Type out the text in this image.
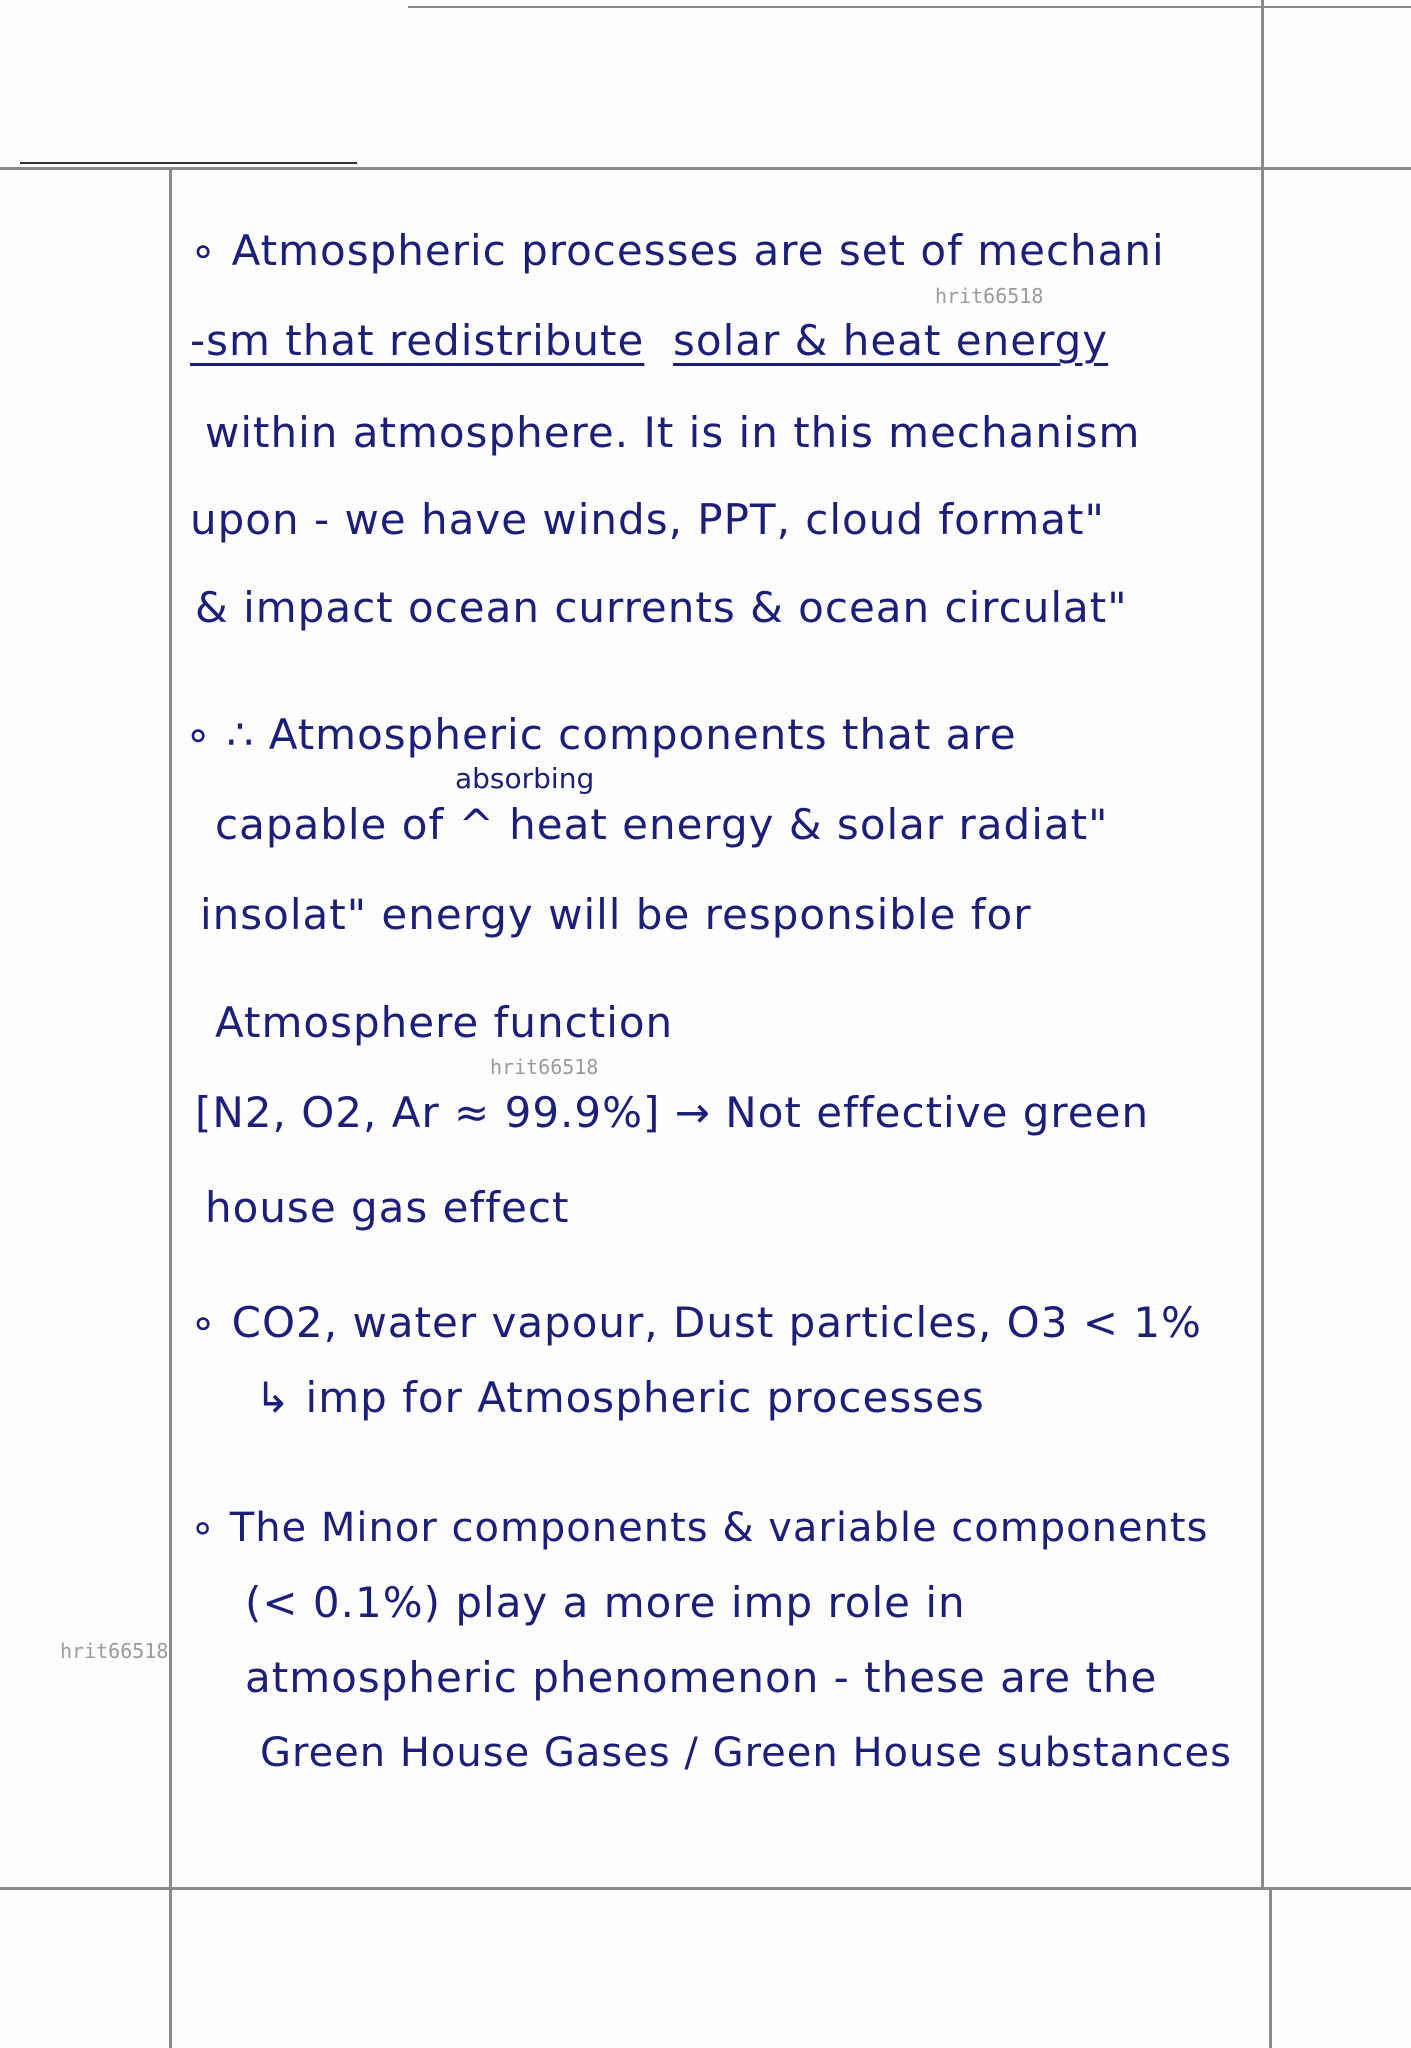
∘ Atmospheric processes are set of mechani
-sm that redistribute solar & heat energy
within atmosphere. It is in this mechanism
upon - we have winds, PPT, cloud format"
& impact ocean currents & ocean circulat"
∘ ∴ Atmospheric components that are
absorbing
capable of ^ heat energy & solar radiat"
insolat" energy will be responsible for
Atmosphere function
[N2, O2, Ar ≈ 99.9%] → Not effective green
house gas effect
∘ CO2, water vapour, Dust particles, O3 < 1%
↳ imp for Atmospheric processes
∘ The Minor components & variable components
(< 0.1%) play a more imp role in
atmospheric phenomenon - these are the
Green House Gases / Green House substances
hrit66518
hrit66518
hrit66518
